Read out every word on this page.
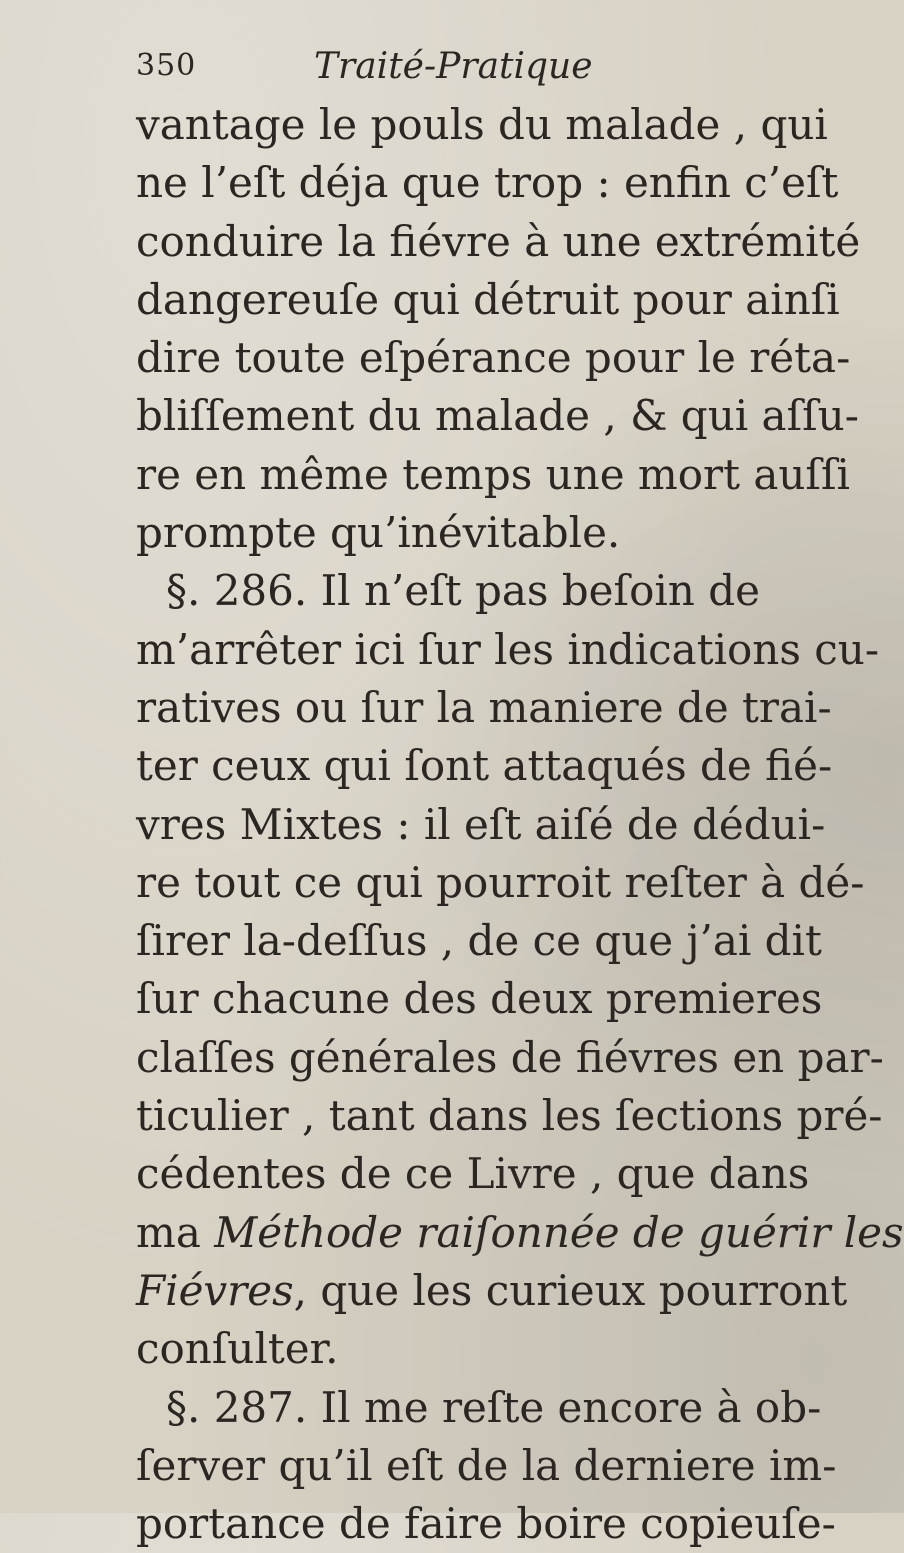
350	Traité-Pratique
vantage le pouls du malade , qui
ne l’eſt déja que trop : enfin c’eſt
conduire la fiévre à une extrémité
dangereuſe qui détruit pour ainſi
dire toute eſpérance pour le réta-
bliſſement du malade , & qui aſſu-
re en même temps une mort auſſi
prompte qu’inévitable.
§. 286. Il n’eſt pas beſoin de
m’arrêter ici ſur les indications cu-
ratives ou ſur la maniere de trai-
ter ceux qui ſont attaqués de fié-
vres Mixtes : il eſt aiſé de dédui-
re tout ce qui pourroit reſter à dé-
ſirer la-deſſus , de ce que j’ai dit
ſur chacune des deux premieres
claſſes générales de fiévres en par-
ticulier , tant dans les ſections pré-
cédentes de ce Livre , que dans
ma Méthode raiſonnée de guérir les
Fiévres, que les curieux pourront
conſulter.
§. 287. Il me reſte encore à ob-
ſerver qu’il eſt de la derniere im-
portance de faire boire copieuſe-
